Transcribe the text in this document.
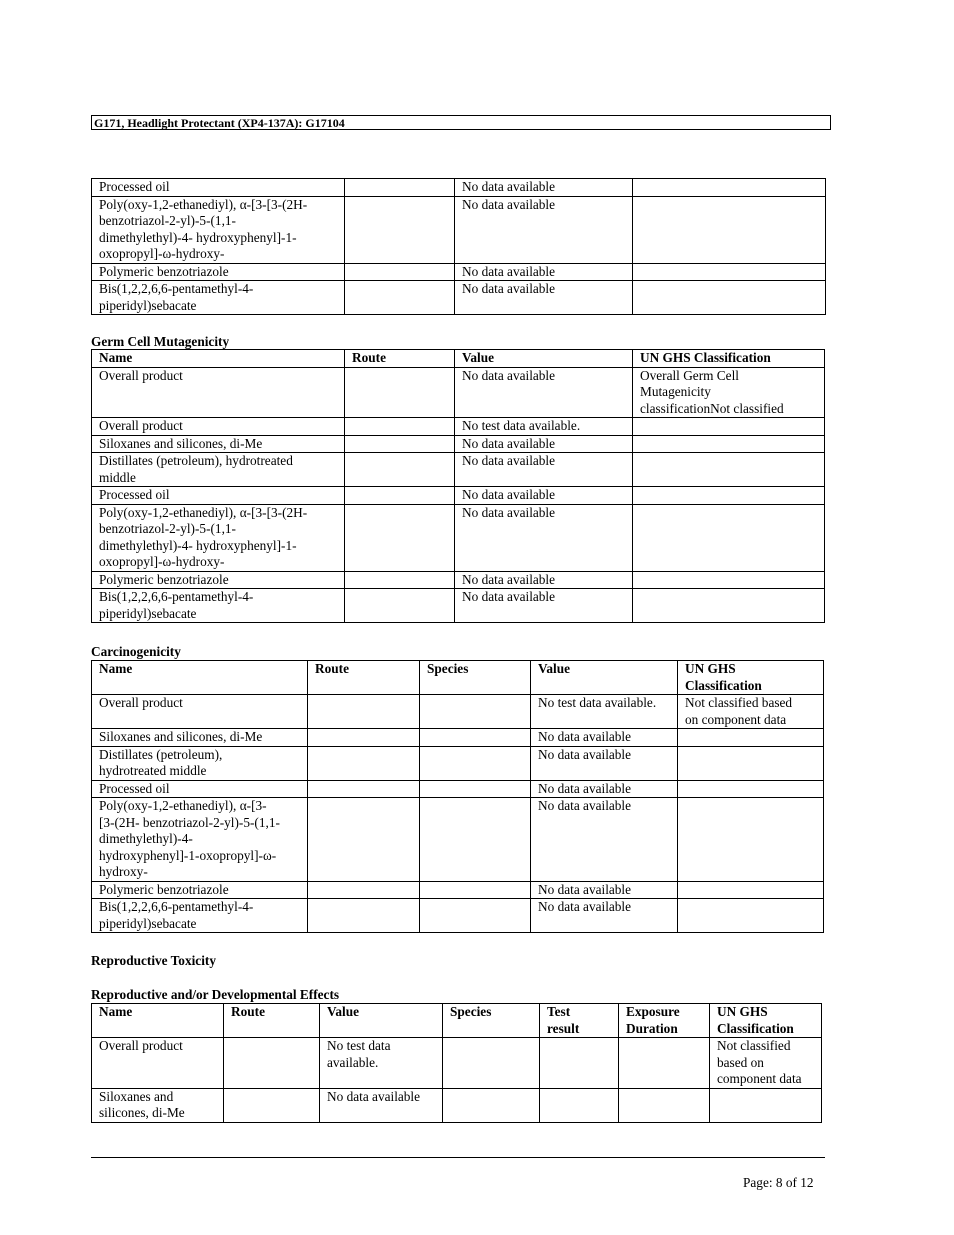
G171, Headlight Protectant (XP4-137A): G17104
Processed oil		No data available	
Poly(oxy-1,2-ethanediyl), α-[3-[3-(2H-
benzotriazol-2-yl)-5-(1,1-
dimethylethyl)-4- hydroxyphenyl]-1-
oxopropyl]-ω-hydroxy-		No data available	
Polymeric benzotriazole		No data available	
Bis(1,2,2,6,6-pentamethyl-4-
piperidyl)sebacate		No data available	
Germ Cell Mutagenicity
Name	Route	Value	UN GHS Classification
Overall product		No data available	Overall Germ Cell
Mutagenicity
classificationNot classified
Overall product		No test data available.	
Siloxanes and silicones, di-Me		No data available	
Distillates (petroleum), hydrotreated
middle		No data available	
Processed oil		No data available	
Poly(oxy-1,2-ethanediyl), α-[3-[3-(2H-
benzotriazol-2-yl)-5-(1,1-
dimethylethyl)-4- hydroxyphenyl]-1-
oxopropyl]-ω-hydroxy-		No data available	
Polymeric benzotriazole		No data available	
Bis(1,2,2,6,6-pentamethyl-4-
piperidyl)sebacate		No data available	
Carcinogenicity
Name	Route	Species	Value	UN GHS
Classification
Overall product			No test data available.	Not classified based
on component data
Siloxanes and silicones, di-Me			No data available	
Distillates (petroleum),
hydrotreated middle			No data available	
Processed oil			No data available	
Poly(oxy-1,2-ethanediyl), α-[3-
[3-(2H- benzotriazol-2-yl)-5-(1,1-
dimethylethyl)-4-
hydroxyphenyl]-1-oxopropyl]-ω-
hydroxy-			No data available	
Polymeric benzotriazole			No data available	
Bis(1,2,2,6,6-pentamethyl-4-
piperidyl)sebacate			No data available	
Reproductive Toxicity
Reproductive and/or Developmental Effects
Name	Route	Value	Species	Test
result	Exposure
Duration	UN GHS
Classification
Overall product		No test data
available.				Not classified
based on
component data
Siloxanes and
silicones, di-Me		No data available				
Page: 8 of 12
